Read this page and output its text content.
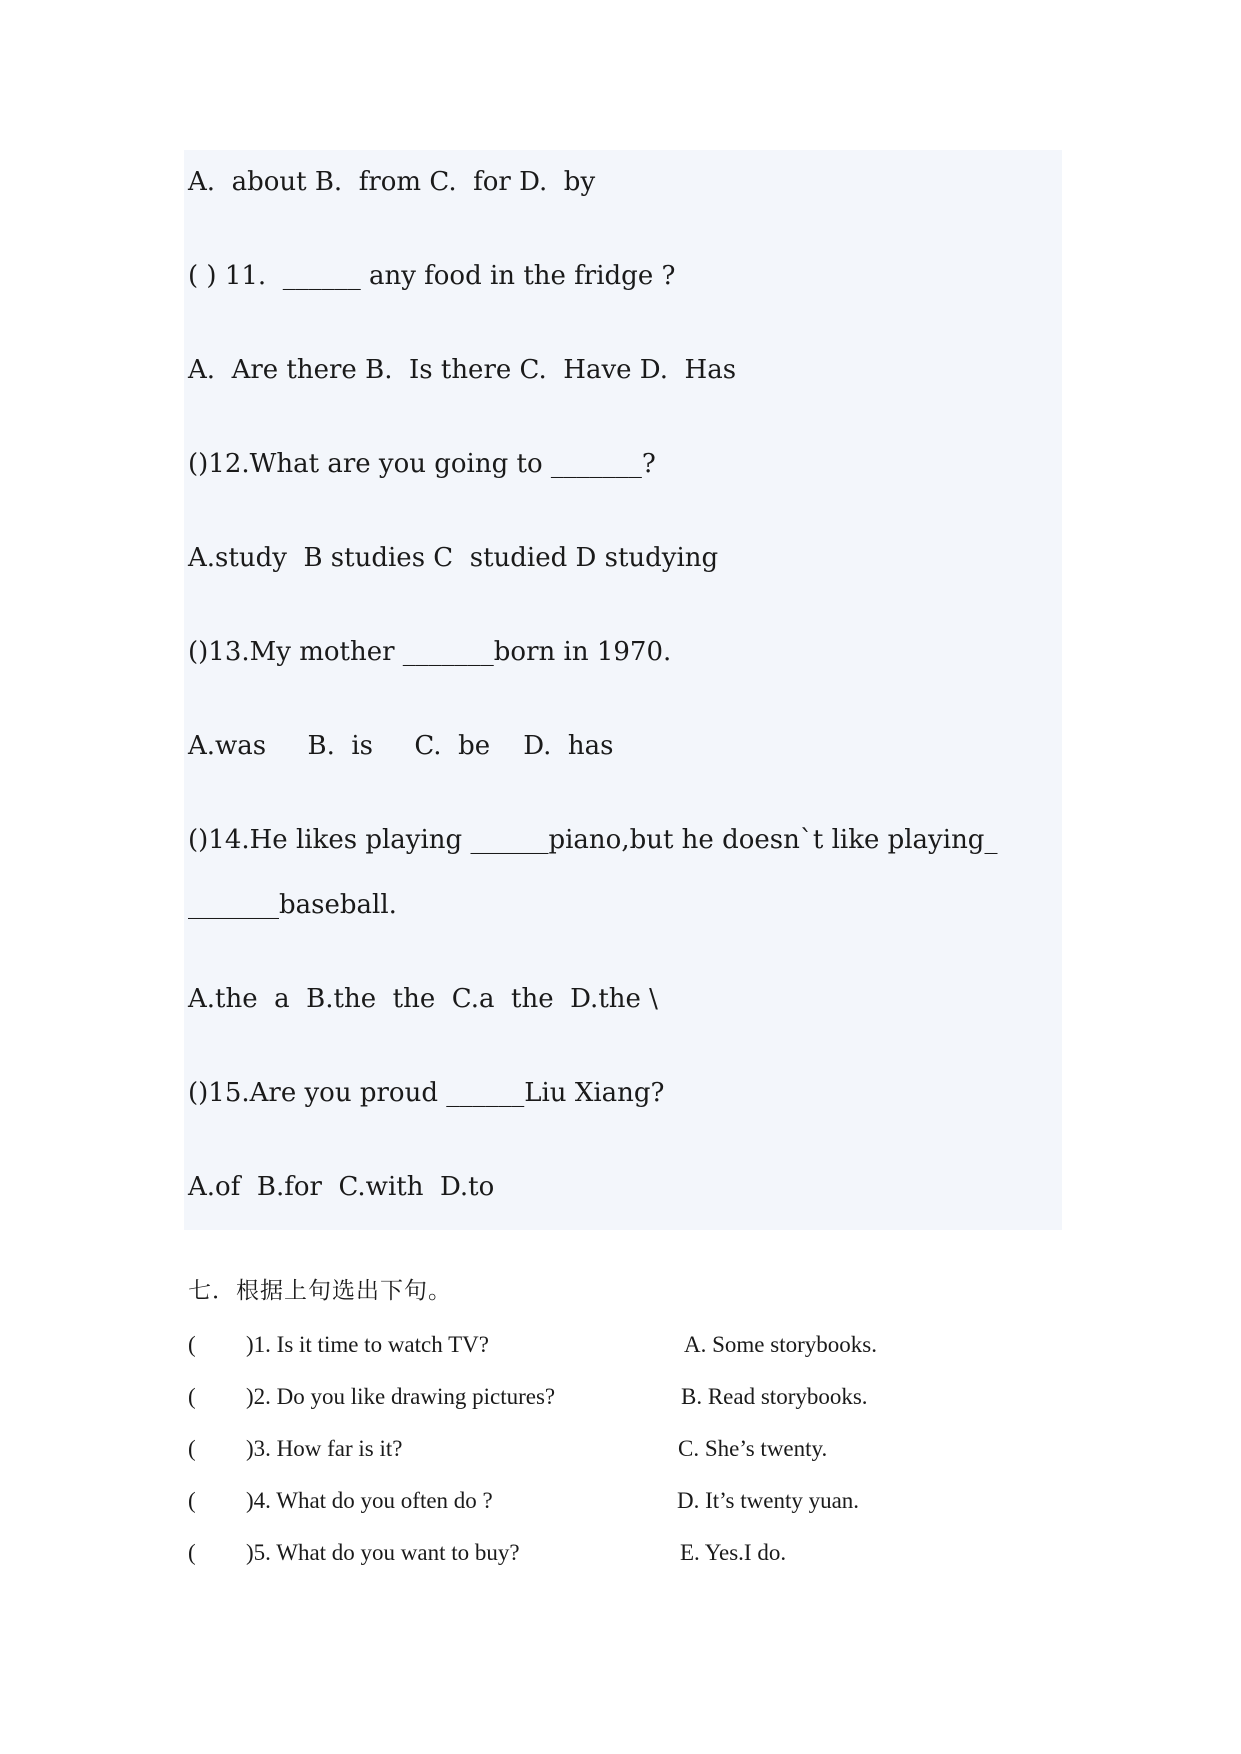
A.  about B.  from C.  for D.  by

( ) 11.  ______ any food in the fridge ?

A.  Are there B.  Is there C.  Have D.  Has

()12.What are you going to _______?

A.study  B studies C  studied D studying

()13.My mother _______born in 1970.

A.was     B.  is     C.  be    D.  has

()14.He likes playing ______piano,but he doesn`t like playing_

_______baseball.

A.the  a  B.the  the  C.a  the  D.the \

()15.Are you proud ______Liu Xiang?

A.of  B.for  C.with  D.to

七．根据上句选出下句。

( )1. Is it time to watch TV?	A. Some storybooks.
( )2. Do you like drawing pictures?	B. Read storybooks.
( )3. How far is it?	C. She’s twenty.
( )4. What do you often do ?	D. It’s twenty yuan.
( )5. What do you want to buy?	E. Yes.I do.
